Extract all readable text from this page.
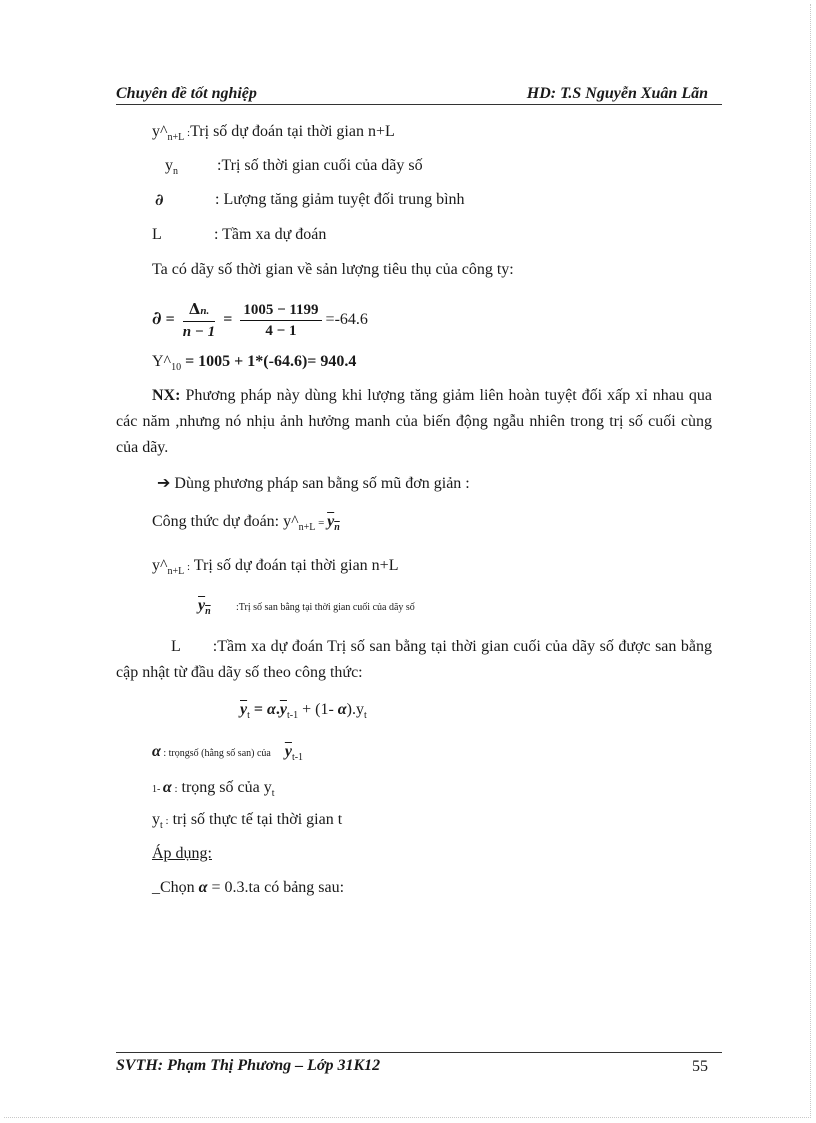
Chuyên đề tốt nghiệp	HD: T.S Nguyễn Xuân Lãn
$y\^{}_{n+L}$ :Trị số dự đoán tại thời gian n+L
$y_n$ :Trị số thời gian cuối của dãy số
∂	: Lượng tăng giảm tuyệt đối trung bình
L	: Tầm xa dự đoán
Ta có dãy số thời gian về sản lượng tiêu thụ của công ty:
∂ = $\frac{\Delta n.}{n - 1} = \frac{1005 - 1199}{4 - 1} =-64.6$
$Y\^{}_{10} = 1005 + 1*(-64.6)= 940.4$
NX: Phương pháp này dùng khi lượng tăng giảm liên hoàn tuyệt đối xấp xỉ nhau qua các năm ,nhưng nó nhịu ảnh hưởng manh của biến động ngẫu nhiên trong trị số cuối cùng của dãy.
➔ Dùng phương pháp san bằng số mũ đơn giản :
Công thức dự đoán: $y\^{}_{n+L} = y_n$
$y\^{}_{n+L}$ : Trị số dự đoán tại thời gian n+L
$y_n$	:Trị số san bằng tại thời gian cuối của dãy số
L :Tầm xa dự đoán Trị số san bằng tại thời gian cuối của dãy số được san bằng cập nhật từ đầu dãy số theo công thức:
$\overline{y}_t = \alpha.\overline{y}_{t-1} + (1-$ $\alpha).y_t$
α : trọngsố (hằng số san) của $\overline{y}_{t-1}$
1- α : trọng số của $y_t$
$y_t$ : trị số thực tế tại thời gian t
Áp dụng:
_Chọn α = 0.3.ta có bảng sau:
SVTH: Phạm Thị Phương – Lớp 31K12	55
